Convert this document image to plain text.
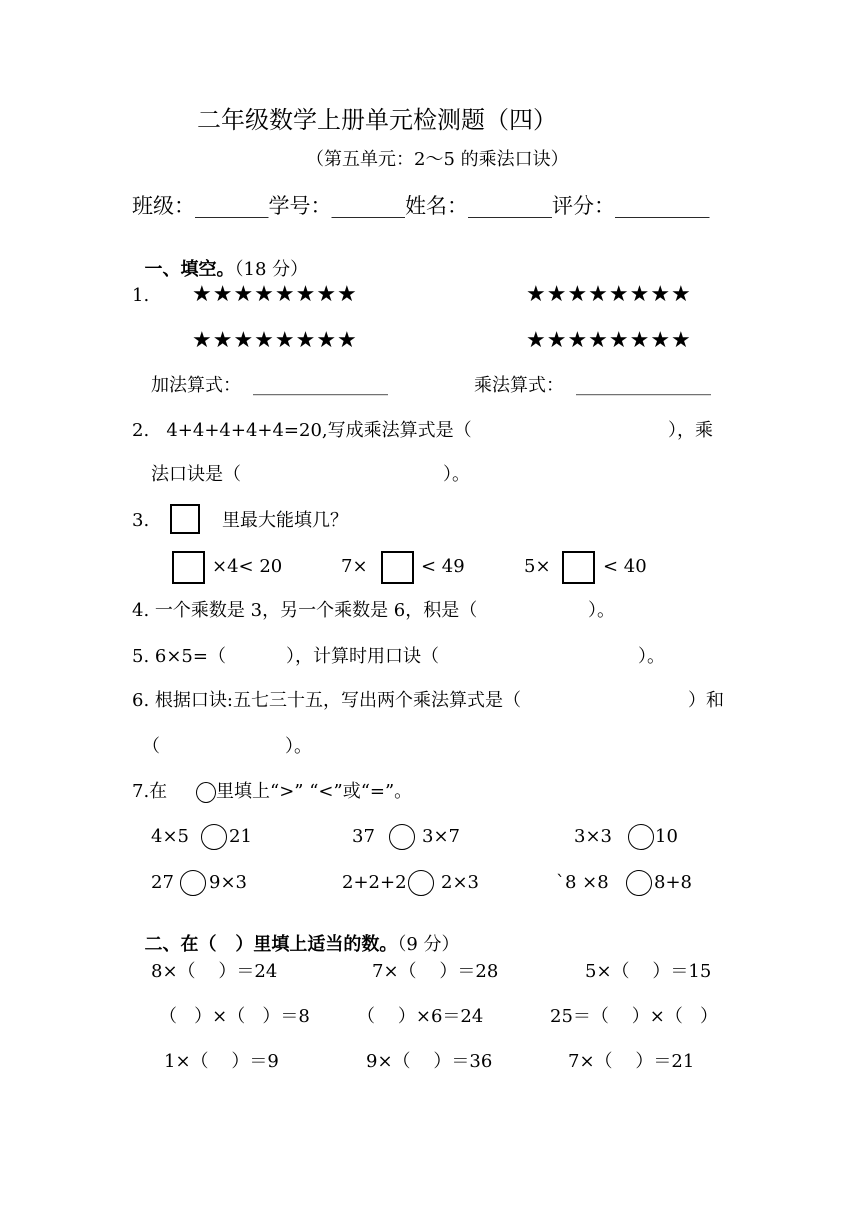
二年级数学上册单元检测题（四）
（第五单元：2～5 的乘法口诀）
班级：_______学号：_______姓名：________评分：_________

一、填空。（18 分）

1. ★★★★★★★★	★★★★★★★★
★★★★★★★★	★★★★★★★★
加法算式： _______________	乘法算式： _______________
2.   4+4+4+4+4=20,写成乘法算式是（	），乘
法口诀是（	）。
3.	里最大能填几？
×4< 20	7×	< 49	5×	< 40
4. 一个乘数是 3，另一个乘数是 6，积是（	）。
5. 6×5=（	），计算时用口诀（	）。
6. 根据口诀:五七三十五，写出两个乘法算式是（	）和
（	）。
7.在	里填上“>” “<”或“=”。
4×5 21	37	3×7	3×3 10
27 9×3	2+2+2 2×3	`8 ×8	8+8

二、在（   ）里填上适当的数。（9 分）

8×（    ）＝24	7×（    ）＝28	5×（    ）＝15
（   ）×（   ）＝8	（    ）×6＝24	25＝（    ）×（   ）
1×（    ）＝9	9×（    ）＝36	7×（    ）＝21
